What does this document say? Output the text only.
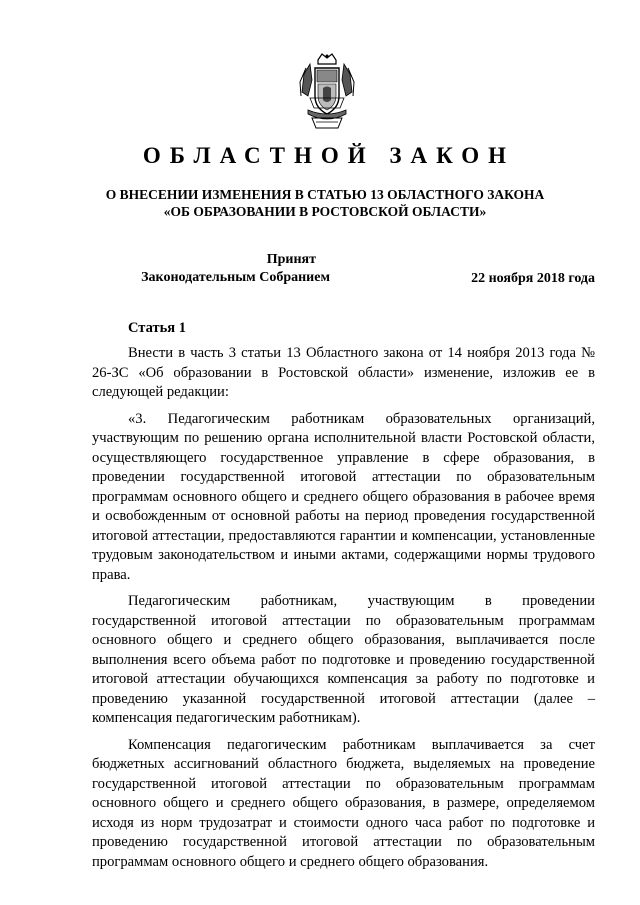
ОБЛАСТНОЙ ЗАКОН
О ВНЕСЕНИИ ИЗМЕНЕНИЯ В СТАТЬЮ 13 ОБЛАСТНОГО ЗАКОНА
«ОБ ОБРАЗОВАНИИ В РОСТОВСКОЙ ОБЛАСТИ»
Принят
Законодательным Собранием	22 ноября 2018 года
Статья 1

Внести в часть 3 статьи 13 Областного закона от 14 ноября 2013 года № 26-ЗС «Об образовании в Ростовской области» изменение, изложив ее в следующей редакции:

«3. Педагогическим работникам образовательных организаций, участвующим по решению органа исполнительной власти Ростовской области, осуществляющего государственное управление в сфере образования, в проведении государственной итоговой аттестации по образовательным программам основного общего и среднего общего образования в рабочее время и освобожденным от основной работы на период проведения государственной итоговой аттестации, предоставляются гарантии и компенсации, установленные трудовым законодательством и иными актами, содержащими нормы трудового права.

Педагогическим работникам, участвующим в проведении государственной итоговой аттестации по образовательным программам основного общего и среднего общего образования, выплачивается после выполнения всего объема работ по подготовке и проведению государственной итоговой аттестации обучающихся компенсация за работу по подготовке и проведению указанной государственной итоговой аттестации (далее – компенсация педагогическим работникам).

Компенсация педагогическим работникам выплачивается за счет бюджетных ассигнований областного бюджета, выделяемых на проведение государственной итоговой аттестации по образовательным программам основного общего и среднего общего образования, в размере, определяемом исходя из норм трудозатрат и стоимости одного часа работ по подготовке и проведению государственной итоговой аттестации по образовательным программам основного общего и среднего общего образования.
